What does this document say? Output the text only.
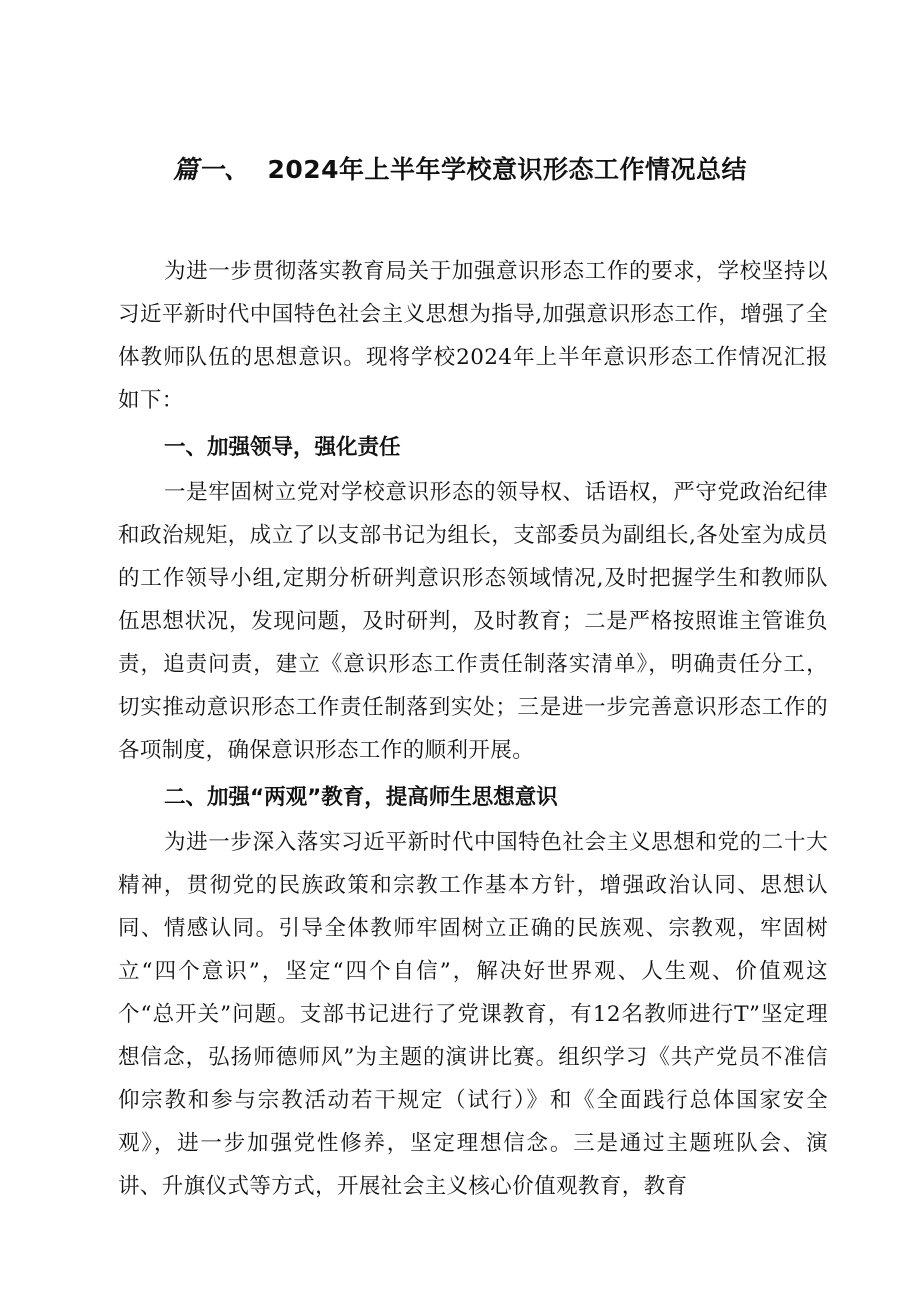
篇一、 2024年上半年学校意识形态工作情况总结

为进一步贯彻落实教育局关于加强意识形态工作的要求，学校坚持以习近平新时代中国特色社会主义思想为指导,加强意识形态工作，增强了全体教师队伍的思想意识。现将学校2024年上半年意识形态工作情况汇报如下：

一、加强领导，强化责任

一是牢固树立党对学校意识形态的领导权、话语权，严守党政治纪律和政治规矩，成立了以支部书记为组长，支部委员为副组长,各处室为成员的工作领导小组,定期分析研判意识形态领域情况,及时把握学生和教师队伍思想状况，发现问题，及时研判，及时教育；二是严格按照谁主管谁负责，追责问责，建立《意识形态工作责任制落实清单》，明确责任分工，切实推动意识形态工作责任制落到实处；三是进一步完善意识形态工作的各项制度，确保意识形态工作的顺利开展。

二、加强“两观”教育，提高师生思想意识

为进一步深入落实习近平新时代中国特色社会主义思想和党的二十大精神，贯彻党的民族政策和宗教工作基本方针，增强政治认同、思想认同、情感认同。引导全体教师牢固树立正确的民族观、宗教观，牢固树立“四个意识”，坚定“四个自信”，解决好世界观、人生观、价值观这个“总开关”问题。支部书记进行了党课教育，有12名教师进行T”坚定理想信念，弘扬师德师风”为主题的演讲比赛。组织学习《共产党员不准信仰宗教和参与宗教活动若干规定（试行）》和《全面践行总体国家安全观》，进一步加强党性修养，坚定理想信念。三是通过主题班队会、演讲、升旗仪式等方式，开展社会主义核心价值观教育，教育
